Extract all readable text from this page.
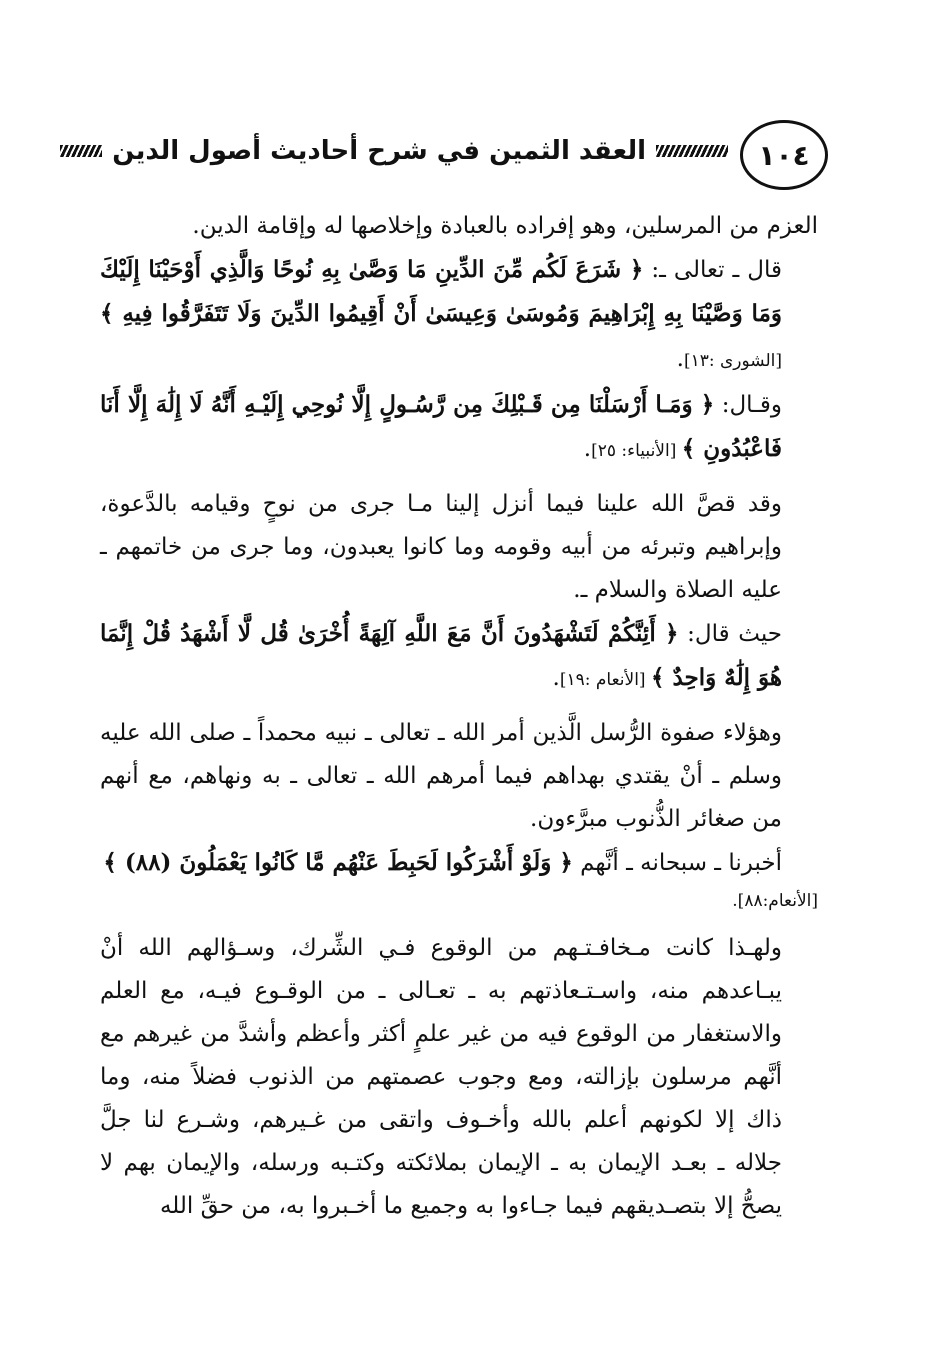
١٠٤
العقد الثمين في شرح أحاديث أصول الدين

العزم من المرسلين، وهو إفراده بالعبادة وإخلاصها له وإقامة الدين.

قال ـ تعالى ـ: ﴿ شَرَعَ لَكُم مِّنَ الدِّينِ مَا وَصَّىٰ بِهِ نُوحًا وَالَّذِي أَوْحَيْنَا إِلَيْكَ وَمَا وَصَّيْنَا بِهِ إِبْرَاهِيمَ وَمُوسَىٰ وَعِيسَىٰ أَنْ أَقِيمُوا الدِّينَ وَلَا تَتَفَرَّقُوا فِيهِ ﴾ [الشورى :١٣].

وقـال: ﴿ وَمَـا أَرْسَلْنَا مِن قَـبْلِكَ مِن رَّسُـولٍ إِلَّا نُوحِي إِلَيْـهِ أَنَّهُ لَا إِلَٰهَ إِلَّا أَنَا فَاعْبُدُونِ ﴾ [الأنبياء: ٢٥].

وقد قصَّ الله علينا فيما أنزل إلينا مـا جرى من نوحٍ وقيامه بالدَّعوة، وإبراهيم وتبرئه من أبيه وقومه وما كانوا يعبدون، وما جرى من خاتمهم ـ عليه الصلاة والسلام ـ.

حيث قال: ﴿ أَئِنَّكُمْ لَتَشْهَدُونَ أَنَّ مَعَ اللَّهِ آلِهَةً أُخْرَىٰ قُل لَّا أَشْهَدُ قُلْ إِنَّمَا هُوَ إِلَٰهٌ وَاحِدٌ ﴾ [الأنعام :١٩].

وهؤلاء صفوة الرُّسل الَّذين أمر الله ـ تعالى ـ نبيه محمداً ـ صلى الله عليه وسلم ـ أنْ يقتدي بهداهم فيما أمرهم الله ـ تعالى ـ به ونهاهم، مع أنهم من صغائر الذُّنوب مبرَّءون.

أخبرنا ـ سبحانه ـ أنَّهم ﴿ وَلَوْ أَشْرَكُوا لَحَبِطَ عَنْهُم مَّا كَانُوا يَعْمَلُونَ (٨٨) ﴾

[الأنعام:٨٨].

ولهـذا كانت مـخافـتـهم من الوقوع فـي الشِّرك، وسـؤالهم الله أنْ يبـاعدهم منه، واسـتـعاذتهم به ـ تعـالى ـ من الوقـوع فيـه، مع العلم والاستغفار من الوقوع فيه من غير علمٍ أكثر وأعظم وأشدَّ من غيرهم مع أنَّهم مرسلون بإزالته، ومع وجوب عصمتهم من الذنوب فضلاً منه، وما ذاك إلا لكونهم أعلم بالله وأخـوف واتقى من غـيرهم، وشـرع لنا جلَّ جلاله ـ بعـد الإيمان به ـ الإيمان بملائكته وكتـبه ورسله، والإيمان بهم لا يصحُّ إلا بتصـديقهم فيما جـاءوا به وجميع ما أخـبروا به، من حقِّ الله
